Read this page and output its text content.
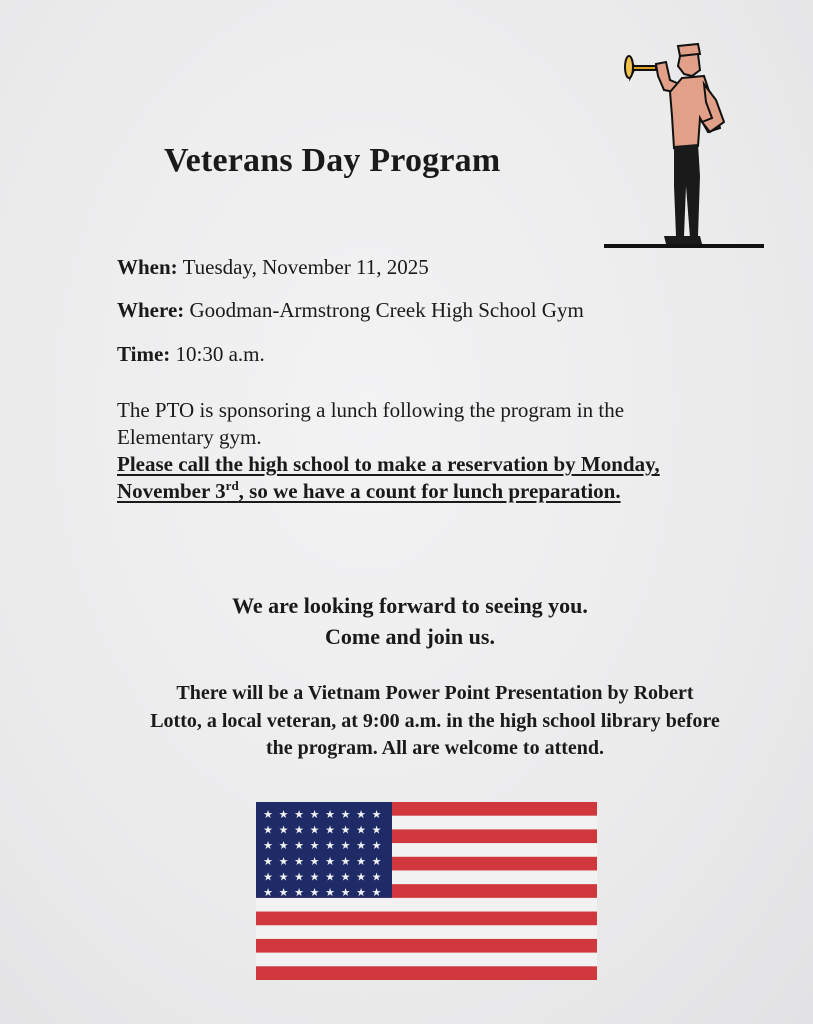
Veterans Day Program
When: Tuesday, November 11, 2025
Where: Goodman-Armstrong Creek High School Gym
Time: 10:30 a.m.
The PTO is sponsoring a lunch following the program in the Elementary gym.
Please call the high school to make a reservation by Monday, November 3rd, so we have a count for lunch preparation.
We are looking forward to seeing you.
Come and join us.
There will be a Vietnam Power Point Presentation by Robert Lotto, a local veteran, at 9:00 a.m. in the high school library before the program. All are welcome to attend.
★ ★ ★ ★ ★ ★ ★ ★
★ ★ ★ ★ ★ ★ ★ ★
★ ★ ★ ★ ★ ★ ★ ★
★ ★ ★ ★ ★ ★ ★ ★
★ ★ ★ ★ ★ ★ ★ ★
★ ★ ★ ★ ★ ★ ★ ★
